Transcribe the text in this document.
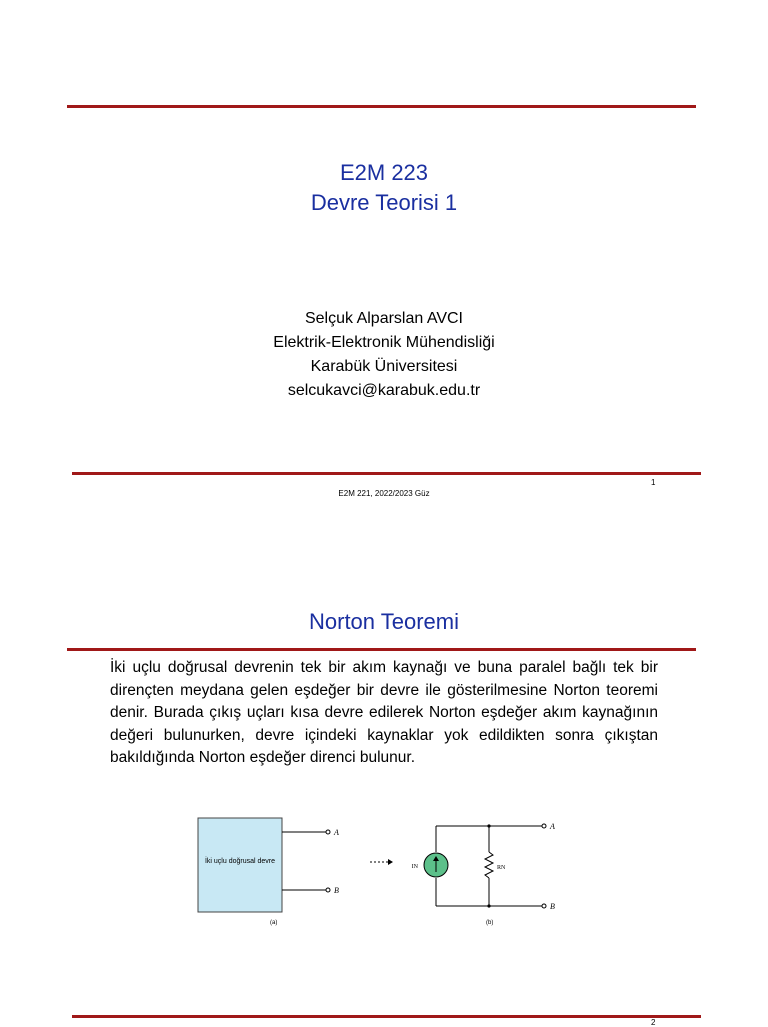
E2M 223
Devre Teorisi 1
Selçuk Alparslan AVCI
Elektrik-Elektronik Mühendisliği
Karabük Üniversitesi
selcukavci@karabuk.edu.tr
1
E2M 221, 2022/2023 Güz
Norton Teoremi
İki uçlu doğrusal devrenin tek bir akım kaynağı ve buna paralel bağlı tek bir dirençten meydana gelen eşdeğer bir devre ile gösterilmesine Norton teoremi denir. Burada çıkış uçları kısa devre edilerek Norton eşdeğer akım kaynağının değeri bulunurken, devre içindeki kaynaklar yok edildikten sonra çıkıştan bakıldığında Norton eşdeğer direnci bulunur.
İki uçlu doğrusal devre
A
B
(a)
IN	RN
A
B
(b)
2
